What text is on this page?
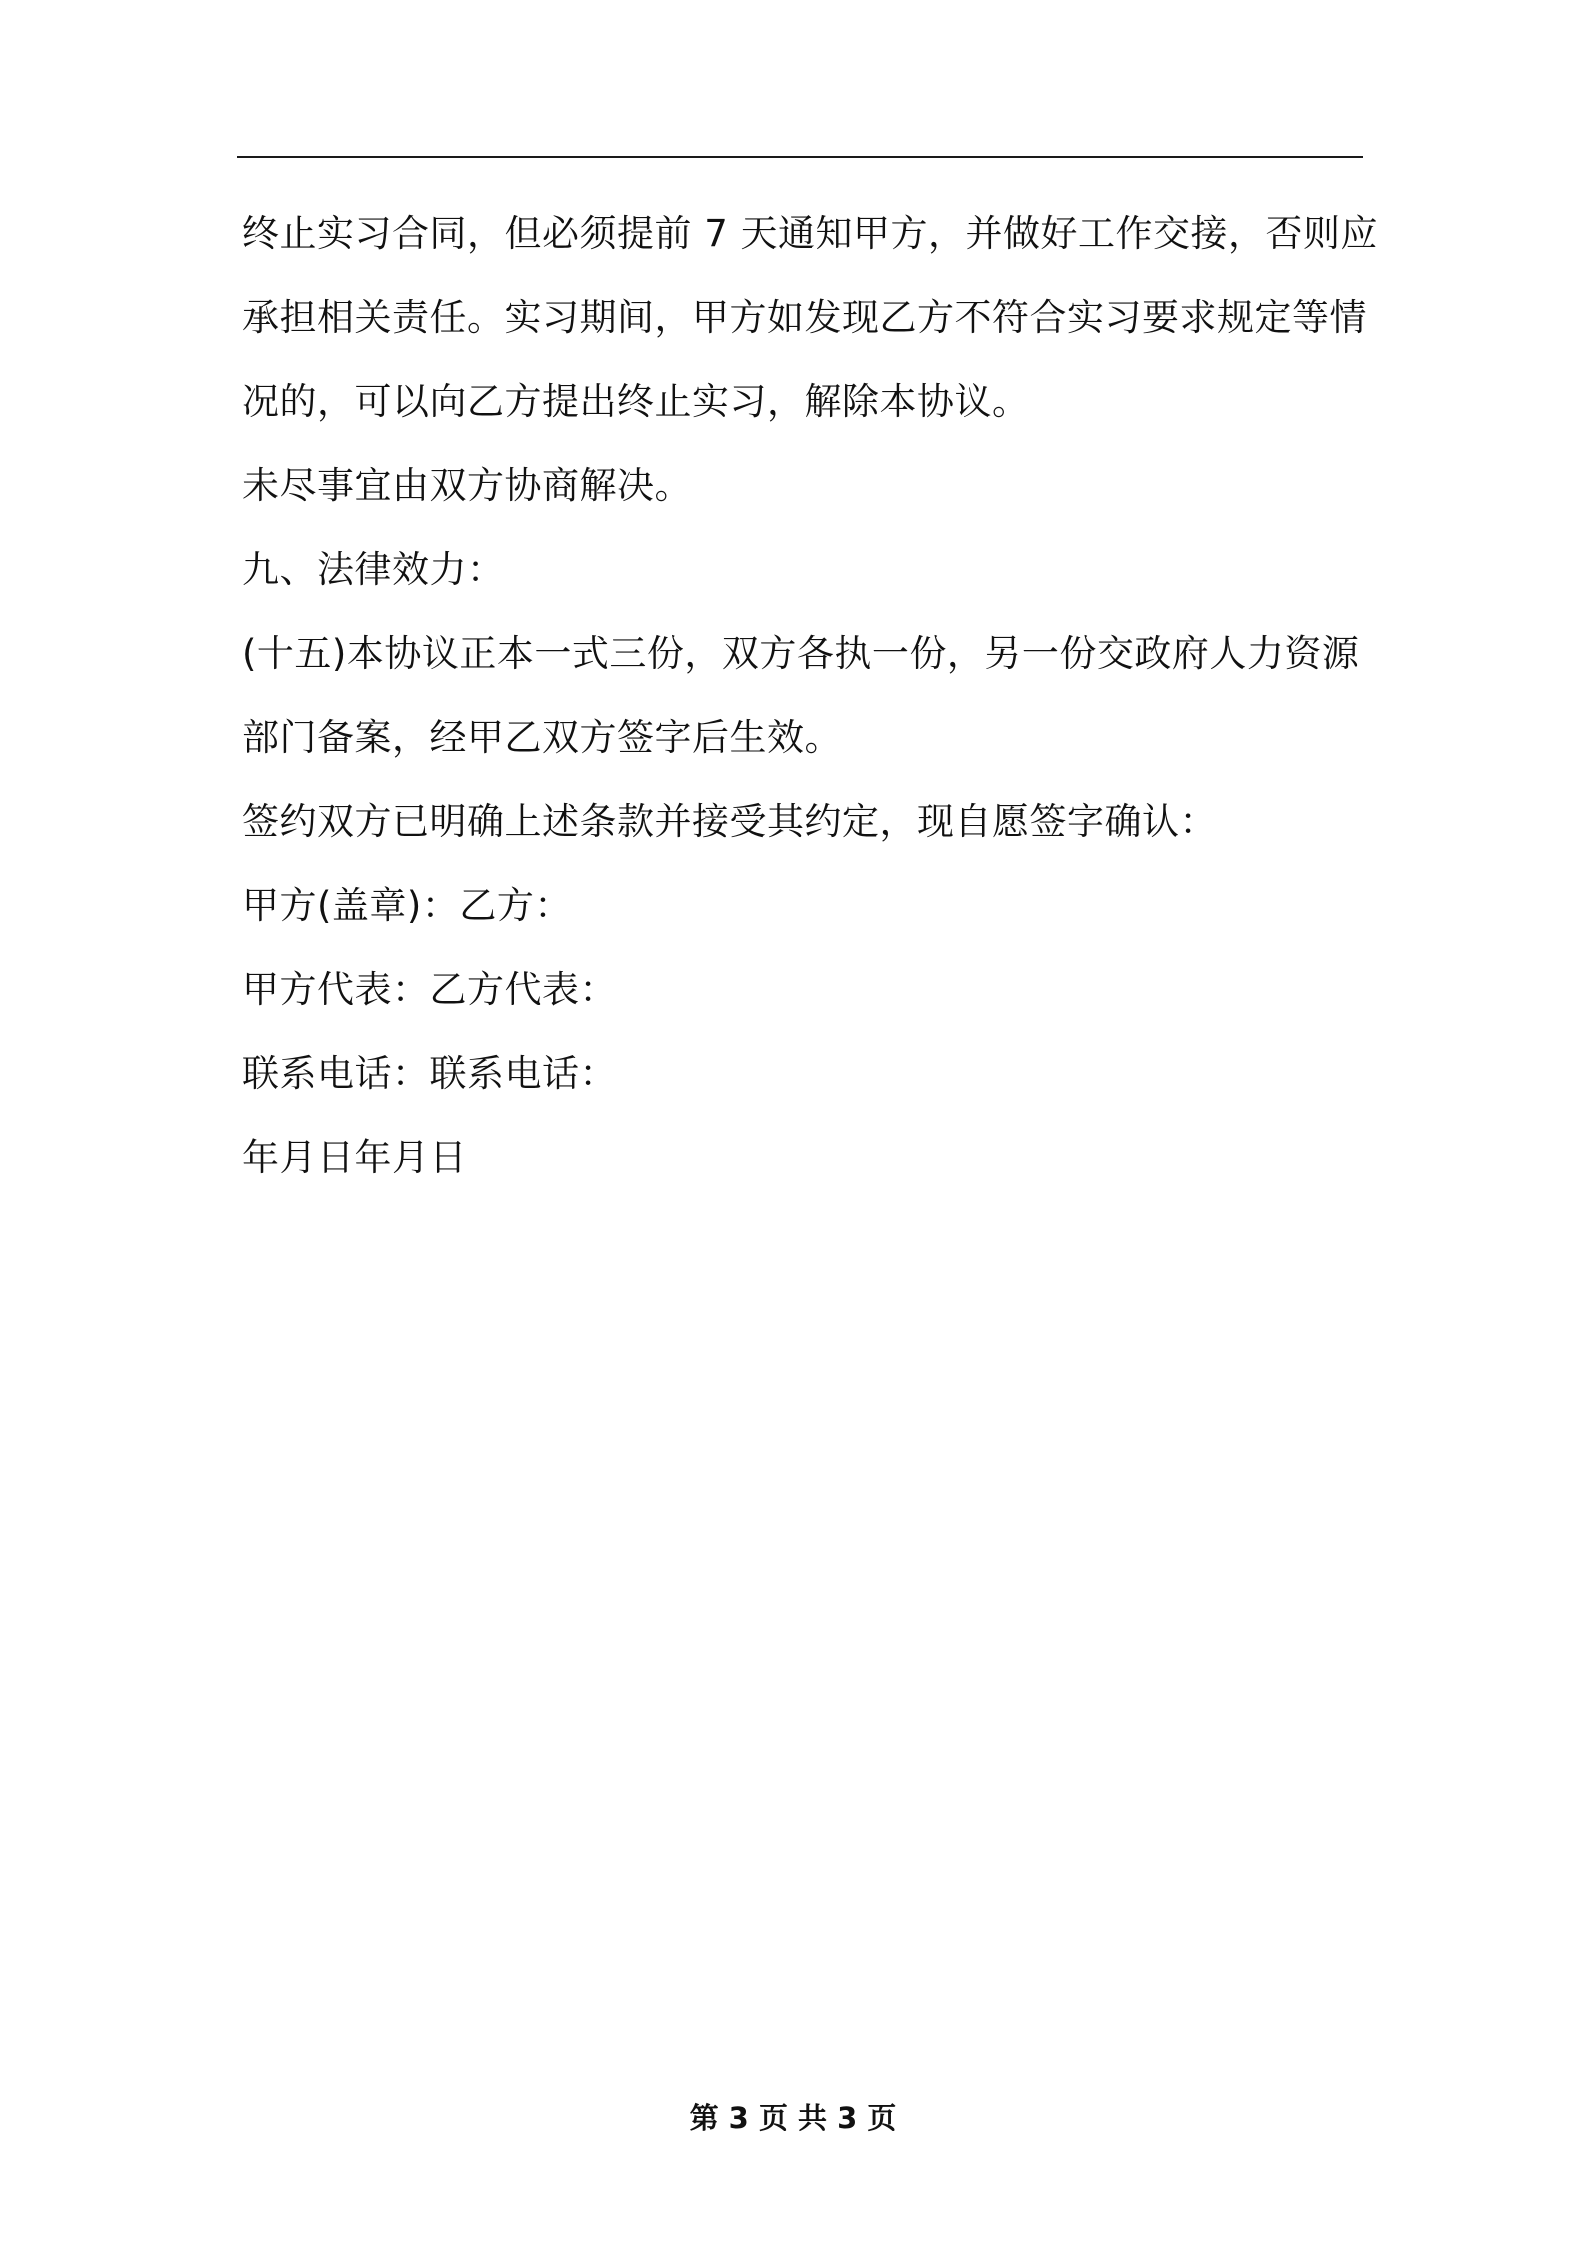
终止实习合同，但必须提前 7 天通知甲方，并做好工作交接，否则应
承担相关责任。实习期间，甲方如发现乙方不符合实习要求规定等情
况的，可以向乙方提出终止实习，解除本协议。
未尽事宜由双方协商解决。
九、法律效力：
(十五)本协议正本一式三份，双方各执一份，另一份交政府人力资源
部门备案，经甲乙双方签字后生效。
签约双方已明确上述条款并接受其约定，现自愿签字确认：
甲方(盖章)：乙方：
甲方代表：乙方代表：
联系电话：联系电话：
年月日年月日
第 3 页 共 3 页
